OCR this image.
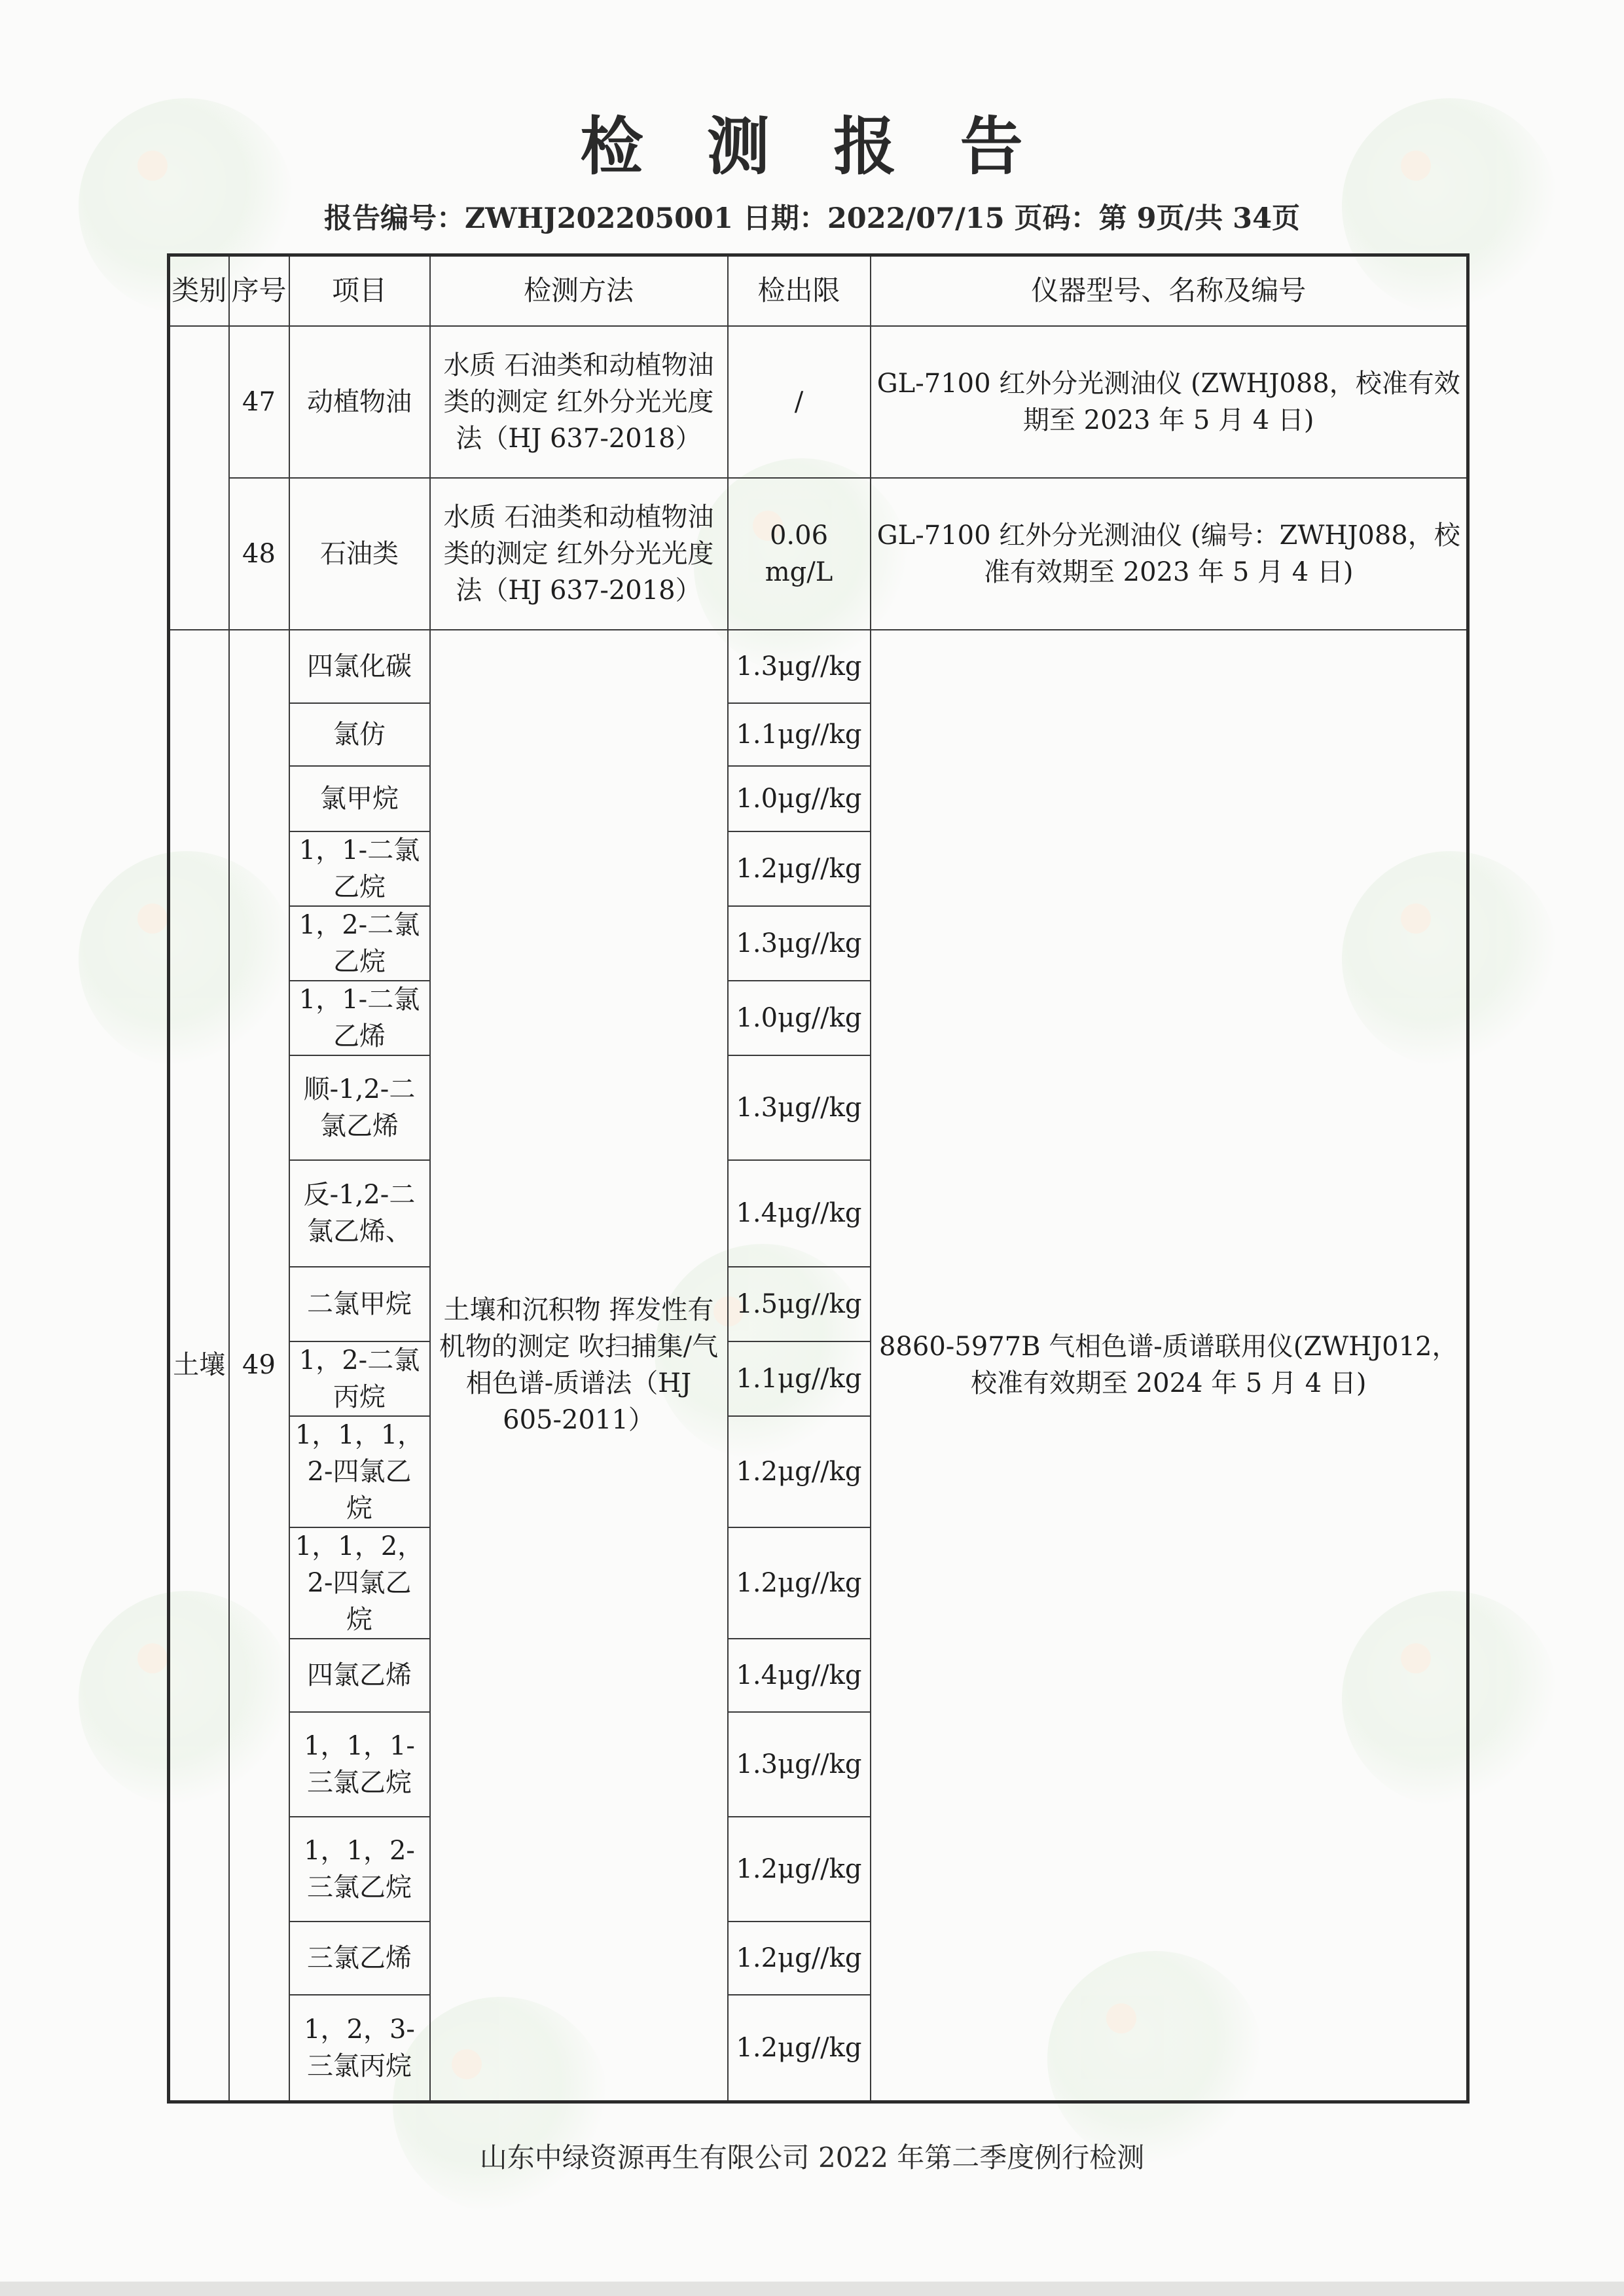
检 测 报 告
报告编号：ZWHJ202205001 日期：2022/07/15 页码：第 9页/共 34页
类别	序号	项目	检测方法	检出限	仪器型号、名称及编号
	47	动植物油	水质 石油类和动植物油类的测定 红外分光光度法（HJ 637-2018）	/	GL-7100 红外分光测油仪 (ZWHJ088，校准有效期至 2023 年 5 月 4 日)
	48	石油类	水质 石油类和动植物油类的测定 红外分光光度法（HJ 637-2018）	0.06 mg/L	GL-7100 红外分光测油仪 (编号：ZWHJ088，校准有效期至 2023 年 5 月 4 日)
土壤	49	四氯化碳	土壤和沉积物 挥发性有机物的测定 吹扫捕集/气相色谱-质谱法（HJ 605-2011）	1.3μg//kg	8860-5977B 气相色谱-质谱联用仪(ZWHJ012，校准有效期至 2024 年 5 月 4 日)
		氯仿		1.1μg//kg	
		氯甲烷		1.0μg//kg	
		1，1-二氯乙烷		1.2μg//kg	
		1，2-二氯乙烷		1.3μg//kg	
		1，1-二氯乙烯		1.0μg//kg	
		顺-1,2-二氯乙烯		1.3μg//kg	
		反-1,2-二氯乙烯、		1.4μg//kg	
		二氯甲烷		1.5μg//kg	
		1，2-二氯丙烷		1.1μg//kg	
		1，1，1，2-四氯乙烷		1.2μg//kg	
		1，1，2，2-四氯乙烷		1.2μg//kg	
		四氯乙烯		1.4μg//kg	
		1，1，1-三氯乙烷		1.3μg//kg	
		1，1，2-三氯乙烷		1.2μg//kg	
		三氯乙烯		1.2μg//kg	
		1，2，3-三氯丙烷		1.2μg//kg	
山东中绿资源再生有限公司 2022 年第二季度例行检测
